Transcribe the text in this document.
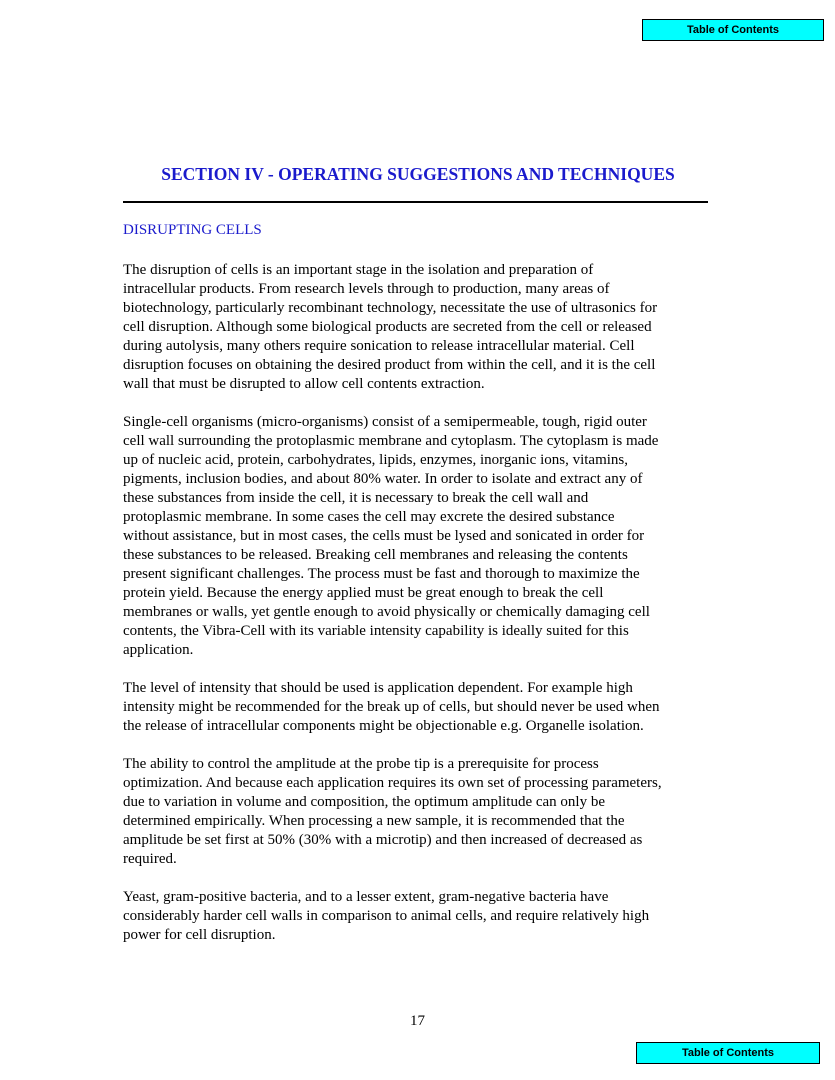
Table of Contents
SECTION IV - OPERATING SUGGESTIONS AND TECHNIQUES
DISRUPTING CELLS

The disruption of cells is an important stage in the isolation and preparation of
intracellular products. From research levels through to production, many areas of
biotechnology, particularly recombinant technology, necessitate the use of ultrasonics for
cell disruption. Although some biological products are secreted from the cell or released
during autolysis, many others require sonication to release intracellular material. Cell
disruption focuses on obtaining the desired product from within the cell, and it is the cell
wall that must be disrupted to allow cell contents extraction.

Single-cell organisms (micro-organisms) consist of a semipermeable, tough, rigid outer
cell wall surrounding the protoplasmic membrane and cytoplasm. The cytoplasm is made
up of nucleic acid, protein, carbohydrates, lipids, enzymes, inorganic ions, vitamins,
pigments, inclusion bodies, and about 80% water. In order to isolate and extract any of
these substances from inside the cell, it is necessary to break the cell wall and
protoplasmic membrane. In some cases the cell may excrete the desired substance
without assistance, but in most cases, the cells must be lysed and sonicated in order for
these substances to be released. Breaking cell membranes and releasing the contents
present significant challenges. The process must be fast and thorough to maximize the
protein yield. Because the energy applied must be great enough to break the cell
membranes or walls, yet gentle enough to avoid physically or chemically damaging cell
contents, the Vibra-Cell with its variable intensity capability is ideally suited for this
application.

The level of intensity that should be used is application dependent. For example high
intensity might be recommended for the break up of cells, but should never be used when
the release of intracellular components might be objectionable e.g. Organelle isolation.

The ability to control the amplitude at the probe tip is a prerequisite for process
optimization. And because each application requires its own set of processing parameters,
due to variation in volume and composition, the optimum amplitude can only be
determined empirically. When processing a new sample, it is recommended that the
amplitude be set first at 50% (30% with a microtip) and then increased of decreased as
required.

Yeast, gram-positive bacteria, and to a lesser extent, gram-negative bacteria have
considerably harder cell walls in comparison to animal cells, and require relatively high
power for cell disruption.

17
Table of Contents
